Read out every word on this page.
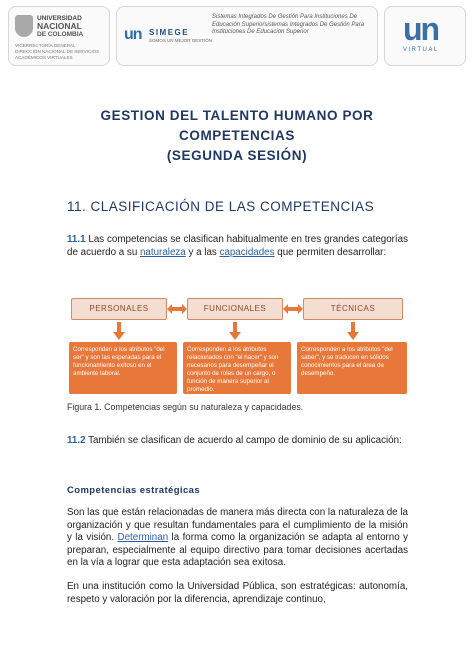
UNIVERSIDAD
NACIONAL
DE COLOMBIA
VICERRECTORÍA GENERAL
DIRECCIÓN NACIONAL DE SERVICIOS
ACADÉMICOS VIRTUALES
un SIMEGE
SOMOS UN MEJOR GESTIÓN
Sistemas Integrados De Gestión Para Instituciones De Educación Superiorsistemas Integrados De Gestión Para Instituciones De Educacion Superior	un
VIRTUAL
GESTION DEL TALENTO HUMANO POR
COMPETENCIAS
(SEGUNDA SESIÓN)
11. CLASIFICACIÓN DE LAS COMPETENCIAS
11.1 Las competencias se clasifican habitualmente en tres grandes categorías de acuerdo a su naturaleza y a las capacidades que permiten desarrollar:
PERSONALES	FUNCIONALES	TÉCNICAS
Corresponden a los atributos "del ser" y son las esperadas para el funcionamiento exitoso en el ambiente laboral.
Corresponden a los atributos relacionados con "el hacer" y son necesarios para desempeñar el conjunto de roles de un cargo, o función de manera superior al promedio.
Corresponden a los atributos "del saber", y se traducen en sólidos conocimientos para el área de desempeño.
Figura 1. Competencias según su naturaleza y capacidades.
11.2 También se clasifican de acuerdo al campo de dominio de su aplicación:
Competencias estratégicas
Son las que están relacionadas de manera más directa con la naturaleza de la organización y que resultan fundamentales para el cumplimiento de la misión y la visión. Determinan la forma como la organización se adapta al entorno y preparan, especialmente al equipo directivo para tomar decisiones acertadas en la vía a lograr que esta adaptación sea exitosa.
En una institución como la Universidad Pública, son estratégicas: autonomía, respeto y valoración por la diferencia, aprendizaje continuo,
